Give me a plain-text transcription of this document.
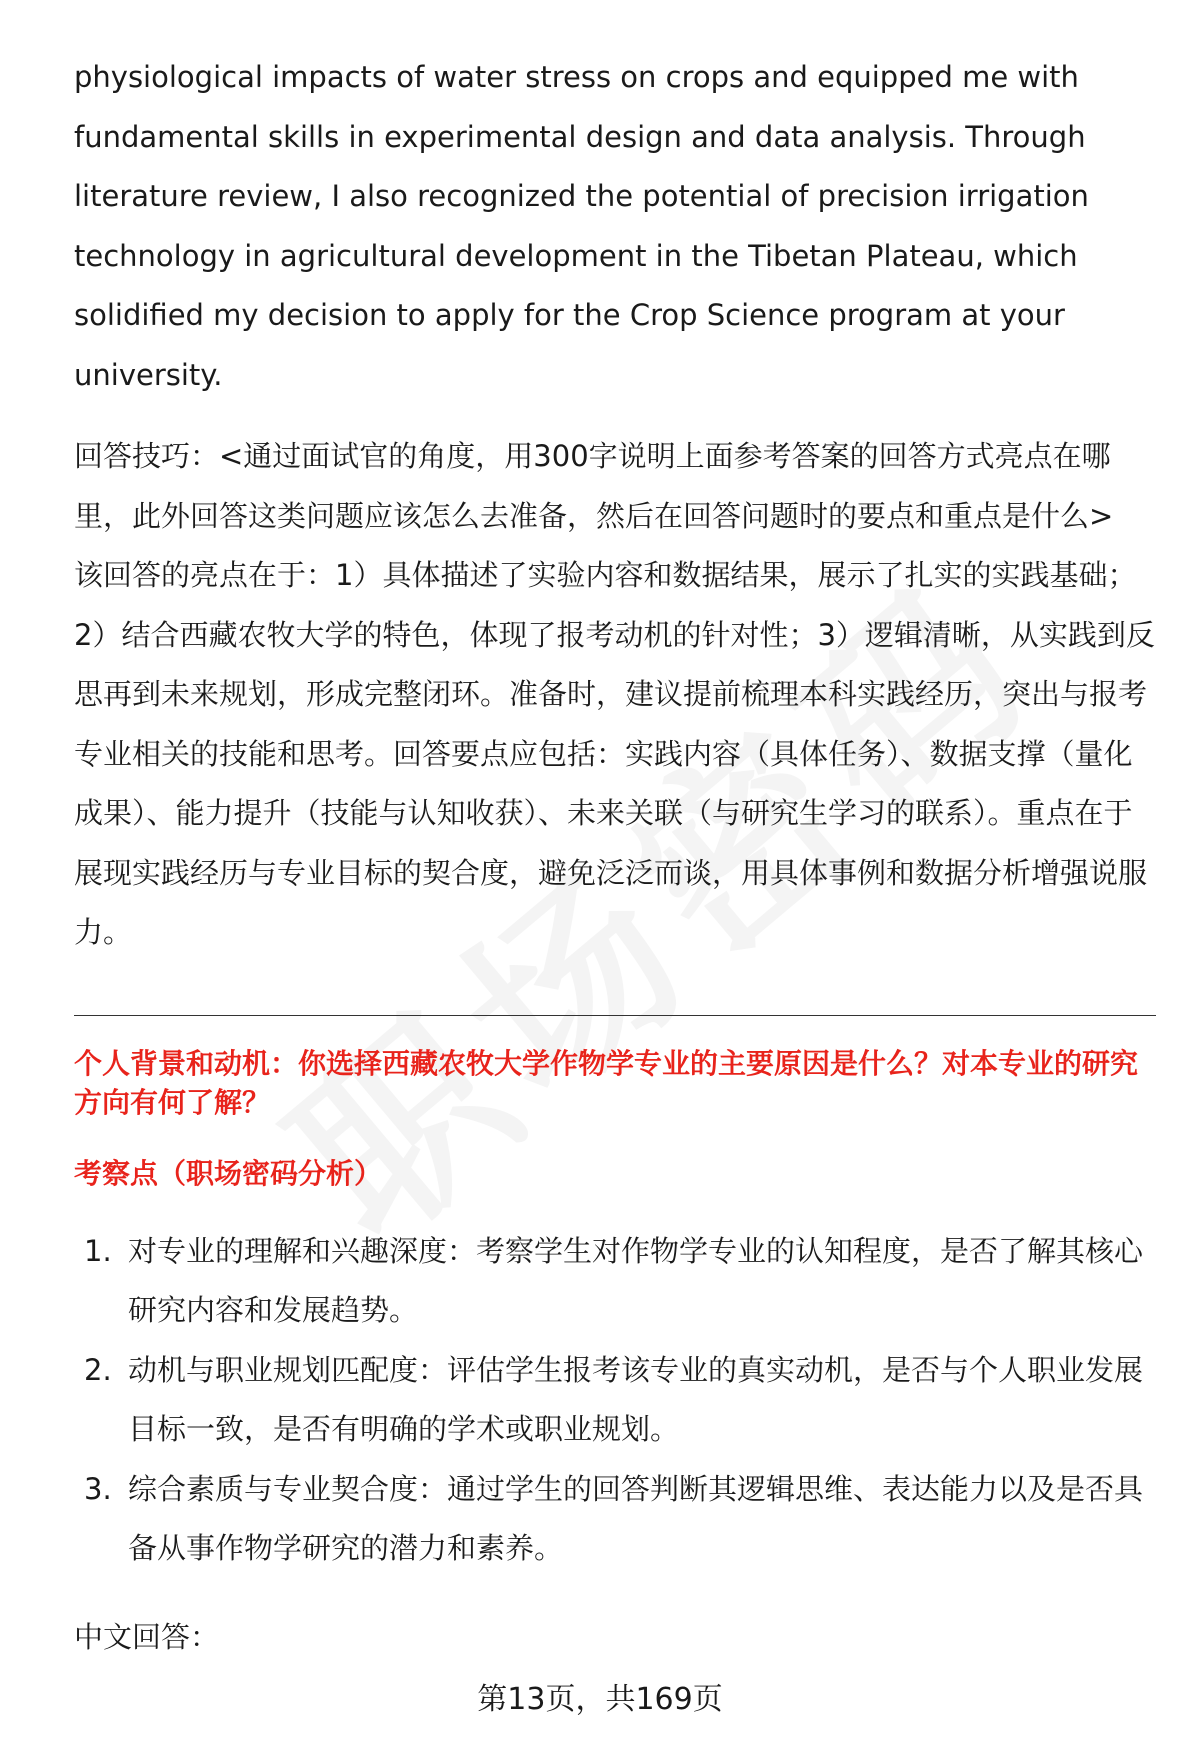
physiological impacts of water stress on crops and equipped me with fundamental skills in experimental design and data analysis. Through literature review, I also recognized the potential of precision irrigation technology in agricultural development in the Tibetan Plateau, which solidified my decision to apply for the Crop Science program at your university.

回答技巧：<通过面试官的角度，用300字说明上面参考答案的回答方式亮点在哪里，此外回答这类问题应该怎么去准备，然后在回答问题时的要点和重点是什么>

该回答的亮点在于：1）具体描述了实验内容和数据结果，展示了扎实的实践基础；2）结合西藏农牧大学的特色，体现了报考动机的针对性；3）逻辑清晰，从实践到反思再到未来规划，形成完整闭环。准备时，建议提前梳理本科实践经历，突出与报考专业相关的技能和思考。回答要点应包括：实践内容（具体任务）、数据支撑（量化成果）、能力提升（技能与认知收获）、未来关联（与研究生学习的联系）。重点在于展现实践经历与专业目标的契合度，避免泛泛而谈，用具体事例和数据分析增强说服力。

个人背景和动机：你选择西藏农牧大学作物学专业的主要原因是什么？对本专业的研究方向有何了解？

考察点（职场密码分析）

1. 对专业的理解和兴趣深度：考察学生对作物学专业的认知程度，是否了解其核心研究内容和发展趋势。
2. 动机与职业规划匹配度：评估学生报考该专业的真实动机，是否与个人职业发展目标一致，是否有明确的学术或职业规划。
3. 综合素质与专业契合度：通过学生的回答判断其逻辑思维、表达能力以及是否具备从事作物学研究的潜力和素养。

中文回答：

第13页，共169页
